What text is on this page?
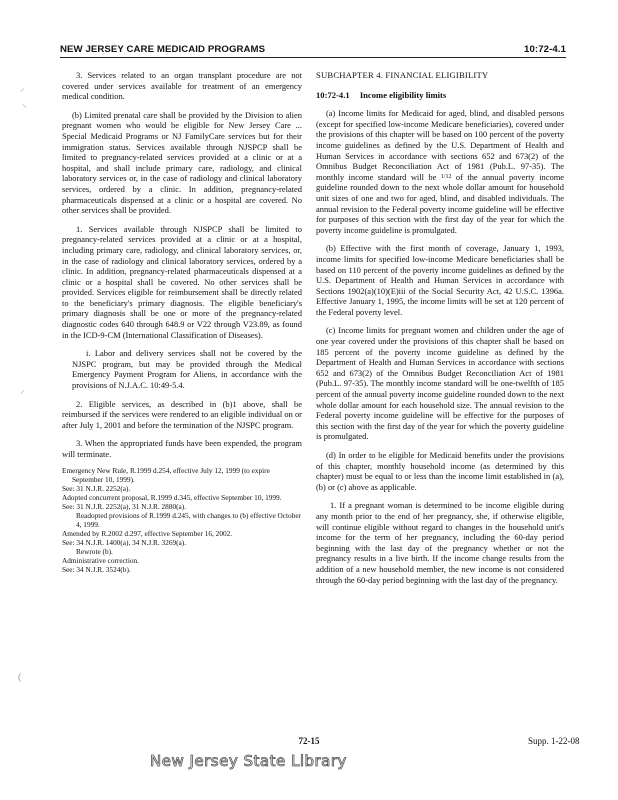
NEW JERSEY CARE MEDICAID PROGRAMS	10:72-4.1

⸝
⸜
⸝
(

3. Services related to an organ transplant procedure are not covered under services available for treatment of an emergency medical condition.

(b) Limited prenatal care shall be provided by the Division to alien pregnant women who would be eligible for New Jersey Care ... Special Medicaid Programs or NJ FamilyCare services but for their immigration status. Services available through NJSPCP shall be limited to pregnancy-related services provided at a clinic or at a hospital, and shall include primary care, radiology, and clinical laboratory services or, in the case of radiology and clinical laboratory services, ordered by a clinic. In addition, pregnancy-related pharmaceuticals dispensed at a clinic or a hospital are covered. No other services shall be provided.

1. Services available through NJSPCP shall be limited to pregnancy-related services provided at a clinic or at a hospital, including primary care, radiology, and clinical laboratory services, or, in the case of radiology and clinical laboratory services, ordered by a clinic. In addition, pregnancy-related pharmaceuticals dispensed at a clinic or a hospital shall be covered. No other services shall be provided. Services eligible for reimbursement shall be directly related to the beneficiary's primary diagnosis. The eligible beneficiary's primary diagnosis shall be one or more of the pregnancy-related diagnostic codes 640 through 648.9 or V22 through V23.89, as found in the ICD-9-CM (International Classification of Diseases).

i. Labor and delivery services shall not be covered by the NJSPC program, but may be provided through the Medical Emergency Payment Program for Aliens, in accordance with the provisions of N.J.A.C. 10:49-5.4.

2. Eligible services, as described in (b)1 above, shall be reimbursed if the services were rendered to an eligible individual on or after July 1, 2001 and before the termination of the NJSPC program.

3. When the appropriated funds have been expended, the program will terminate.

Emergency New Rule, R.1999 d.254, effective July 12, 1999 (to expire September 10, 1999).
See: 31 N.J.R. 2252(a).
Adopted concurrent proposal, R.1999 d.345, effective September 10, 1999.
See: 31 N.J.R. 2252(a), 31 N.J.R. 2880(a).
Readopted provisions of R.1999 d.245, with changes to (b) effective October 4, 1999.
Amended by R.2002 d.297, effective September 16, 2002.
See: 34 N.J.R. 1400(a), 34 N.J.R. 3269(a).
Rewrote (b).
Administrative correction.
See: 34 N.J.R. 3524(b).
SUBCHAPTER 4. FINANCIAL ELIGIBILITY
10:72-4.1 Income eligibility limits

(a) Income limits for Medicaid for aged, blind, and disabled persons (except for specified low-income Medicare beneficiaries), covered under the provisions of this chapter will be based on 100 percent of the poverty income guidelines as defined by the U.S. Department of Health and Human Services in accordance with sections 652 and 673(2) of the Omnibus Budget Reconciliation Act of 1981 (Pub.L. 97-35). The monthly income standard will be $^{1/12}$ of the annual poverty income guideline rounded down to the next whole dollar amount for household unit sizes of one and two for aged, blind, and disabled individuals. The annual revision to the Federal poverty income guideline will be effective for purposes of this section with the first day of the year for which the poverty income guideline is promulgated.

(b) Effective with the first month of coverage, January 1, 1993, income limits for specified low-income Medicare beneficiaries shall be based on 110 percent of the poverty income guidelines as defined by the U.S. Department of Health and Human Services in accordance with Sections 1902(a)(10)(E)iii of the Social Security Act, 42 U.S.C. 1396a. Effective January 1, 1995, the income limits will be set at 120 percent of the Federal poverty level.

(c) Income limits for pregnant women and children under the age of one year covered under the provisions of this chapter shall be based on 185 percent of the poverty income guideline as defined by the Department of Health and Human Services in accordance with sections 652 and 673(2) of the Omnibus Budget Reconciliation Act of 1981 (Pub.L. 97-35). The monthly income standard will be one-twelfth of 185 percent of the annual poverty income guideline rounded down to the next whole dollar amount for each household size. The annual revision to the Federal poverty income guideline will be effective for the purposes of this section with the first day of the year for which the poverty guideline is promulgated.

(d) In order to be eligible for Medicaid benefits under the provisions of this chapter, monthly household income (as determined by this chapter) must be equal to or less than the income limit established in (a), (b) or (c) above as applicable.

1. If a pregnant woman is determined to be income eligible during any month prior to the end of her pregnancy, she, if otherwise eligible, will continue eligible without regard to changes in the household unit's income for the term of her pregnancy, including the 60-day period beginning with the last day of the pregnancy whether or not the pregnancy results in a live birth. If the income change results from the addition of a new household member, the new income is not considered through the 60-day period beginning with the last day of the pregnancy.

72-15	Supp. 1-22-08
New Jersey State Library
